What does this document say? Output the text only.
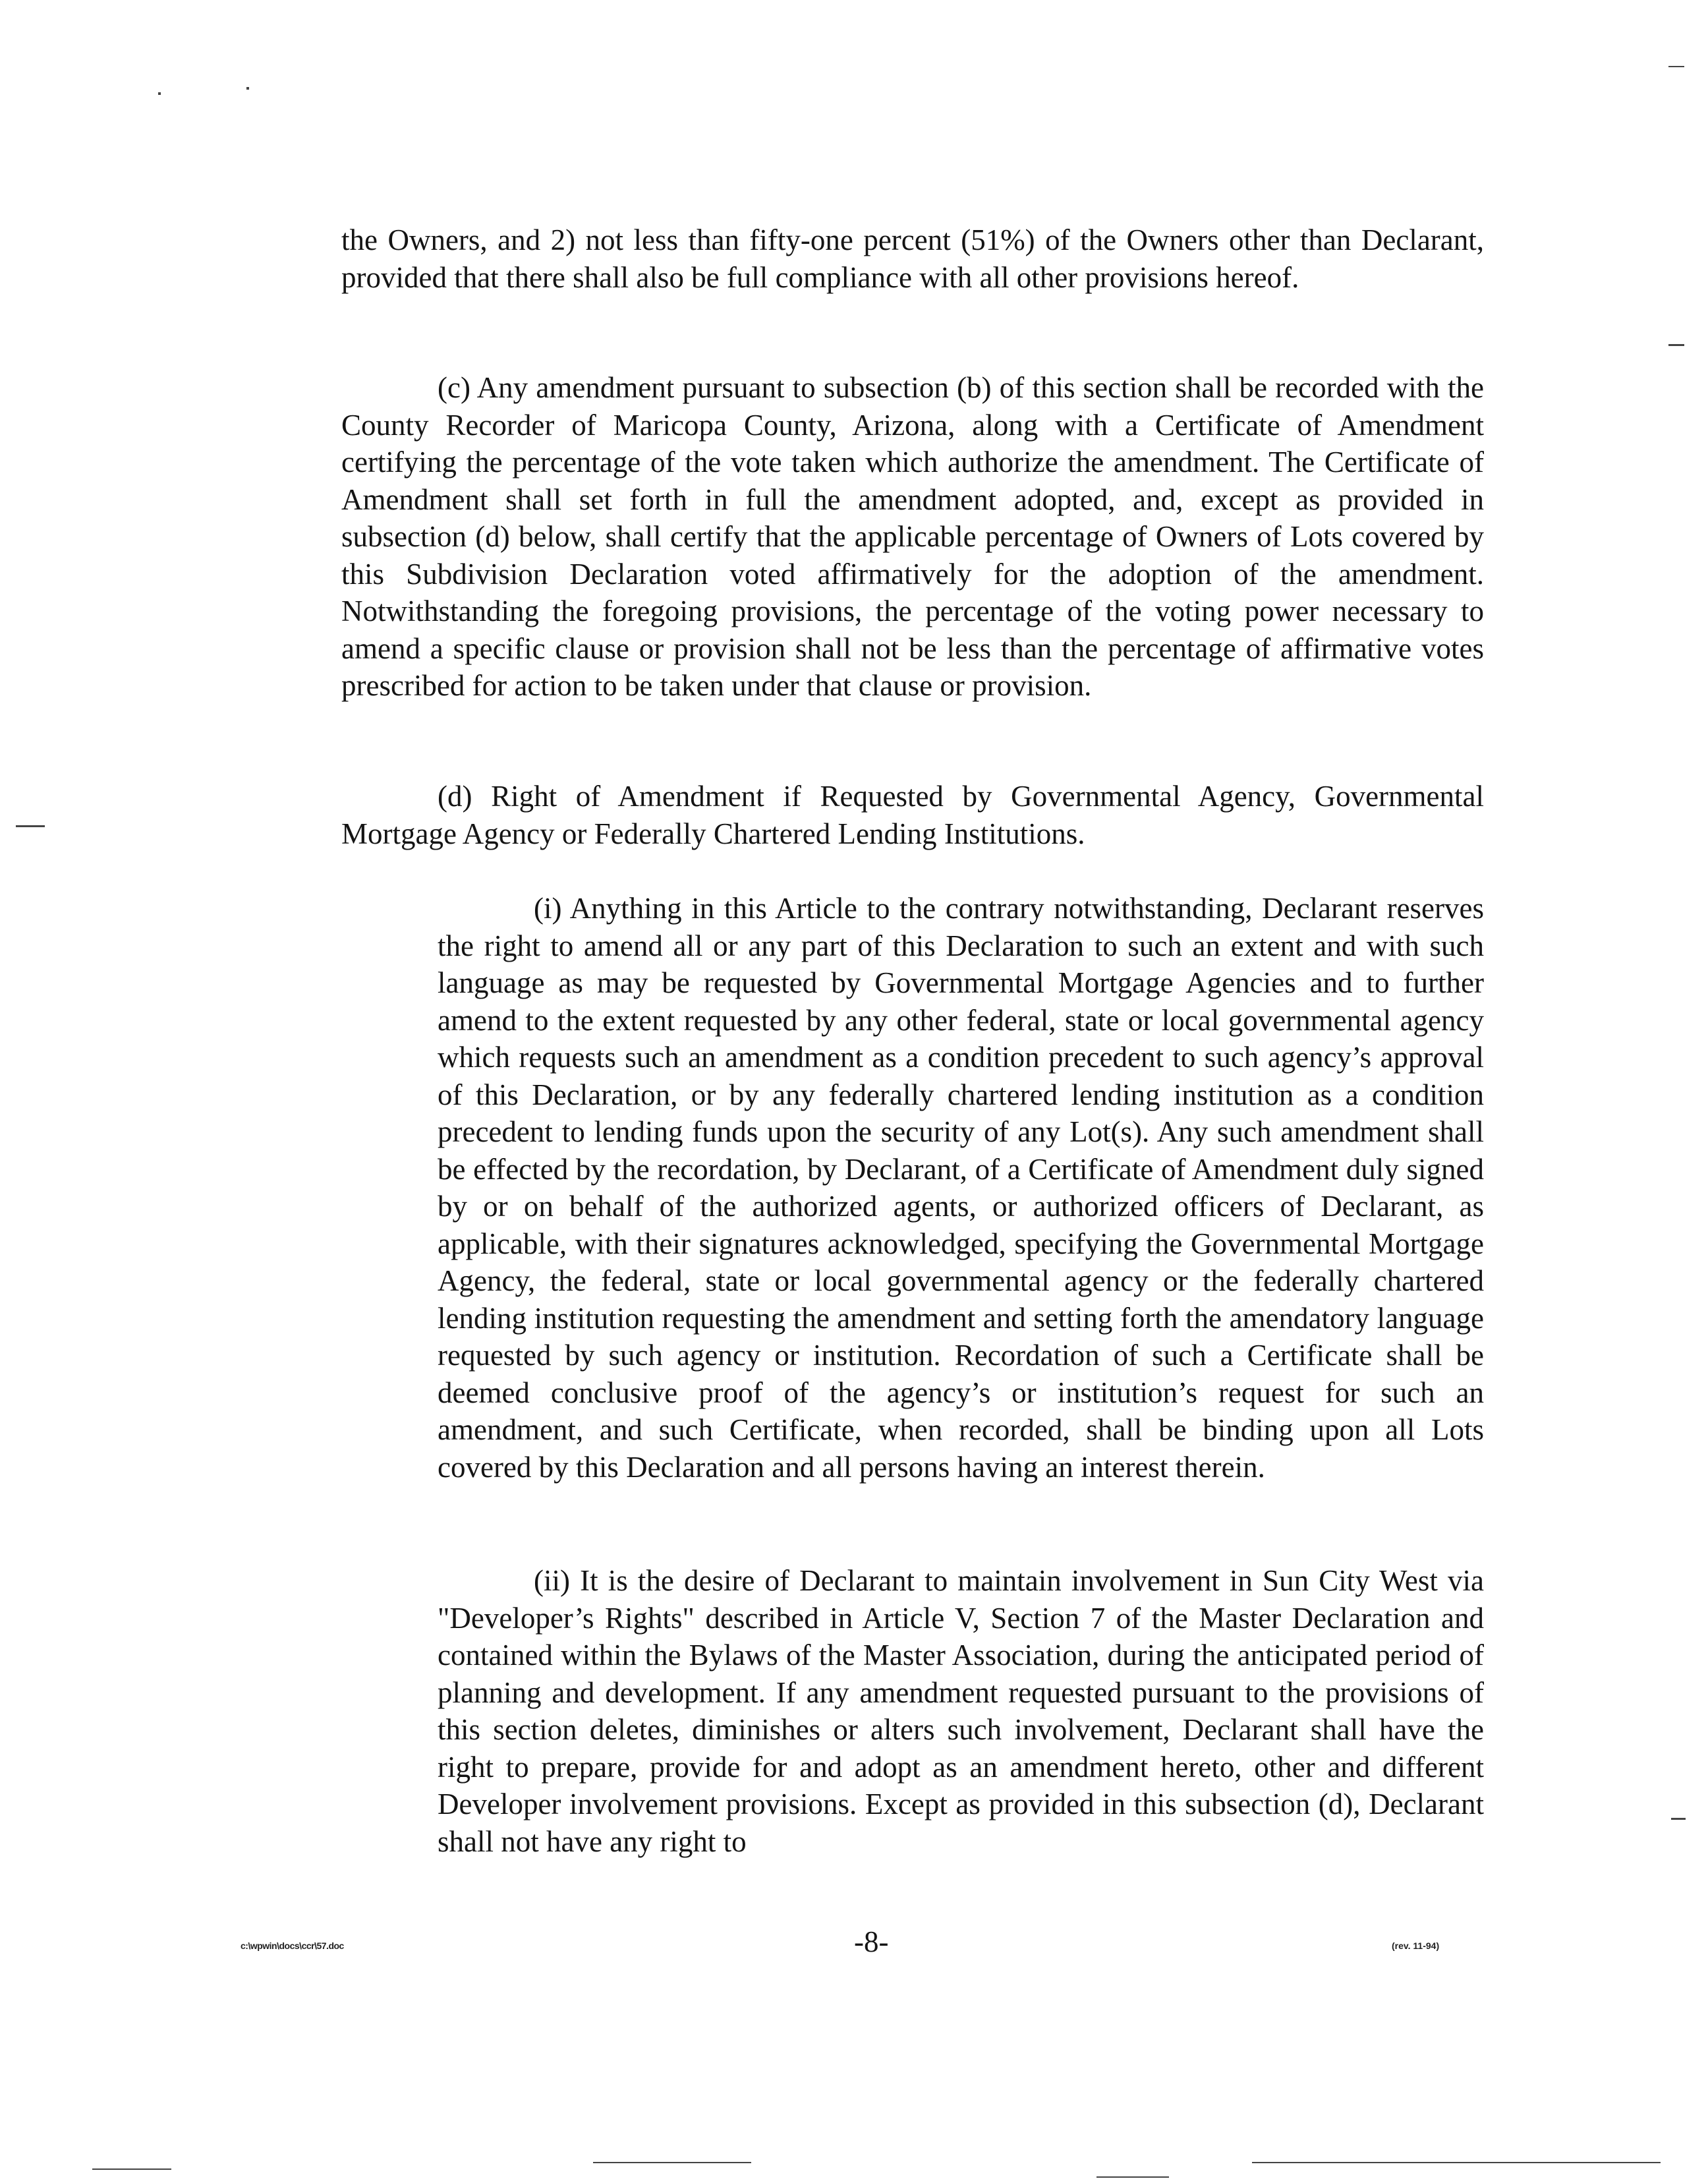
the Owners, and 2) not less than fifty-one percent (51%) of the Owners other than Declarant, provided that there shall also be full compliance with all other provisions hereof.

(c) Any amendment pursuant to subsection (b) of this section shall be recorded with the County Recorder of Maricopa County, Arizona, along with a Certificate of Amendment certifying the percentage of the vote taken which authorize the amendment. The Certificate of Amendment shall set forth in full the amendment adopted, and, except as provided in subsection (d) below, shall certify that the applicable percentage of Owners of Lots covered by this Subdivision Declaration voted affirmatively for the adoption of the amendment. Notwithstanding the foregoing provisions, the percentage of the voting power necessary to amend a specific clause or provision shall not be less than the percentage of affirmative votes prescribed for action to be taken under that clause or provision.

(d) Right of Amendment if Requested by Governmental Agency, Governmental Mortgage Agency or Federally Chartered Lending Institutions.

(i) Anything in this Article to the contrary notwithstanding, Declarant reserves the right to amend all or any part of this Declaration to such an extent and with such language as may be requested by Governmental Mortgage Agencies and to further amend to the extent requested by any other federal, state or local governmental agency which requests such an amendment as a condition precedent to such agency’s approval of this Declaration, or by any federally chartered lending institution as a condition precedent to lending funds upon the security of any Lot(s). Any such amendment shall be effected by the recordation, by Declarant, of a Certificate of Amendment duly signed by or on behalf of the authorized agents, or authorized officers of Declarant, as applicable, with their signatures acknowledged, specifying the Governmental Mortgage Agency, the federal, state or local governmental agency or the federally chartered lending institution requesting the amendment and setting forth the amendatory language requested by such agency or institution. Recordation of such a Certificate shall be deemed conclusive proof of the agency’s or institution’s request for such an amendment, and such Certificate, when recorded, shall be binding upon all Lots covered by this Declaration and all persons having an interest therein.

(ii) It is the desire of Declarant to maintain involvement in Sun City West via "Developer’s Rights" described in Article V, Section 7 of the Master Declaration and contained within the Bylaws of the Master Association, during the anticipated period of planning and development. If any amendment requested pursuant to the provisions of this section deletes, diminishes or alters such involvement, Declarant shall have the right to prepare, provide for and adopt as an amendment hereto, other and different Developer involvement provisions. Except as provided in this subsection (d), Declarant shall not have any right to

c:\wpwin\docs\ccr\57.doc	-8-	(rev. 11-94)
